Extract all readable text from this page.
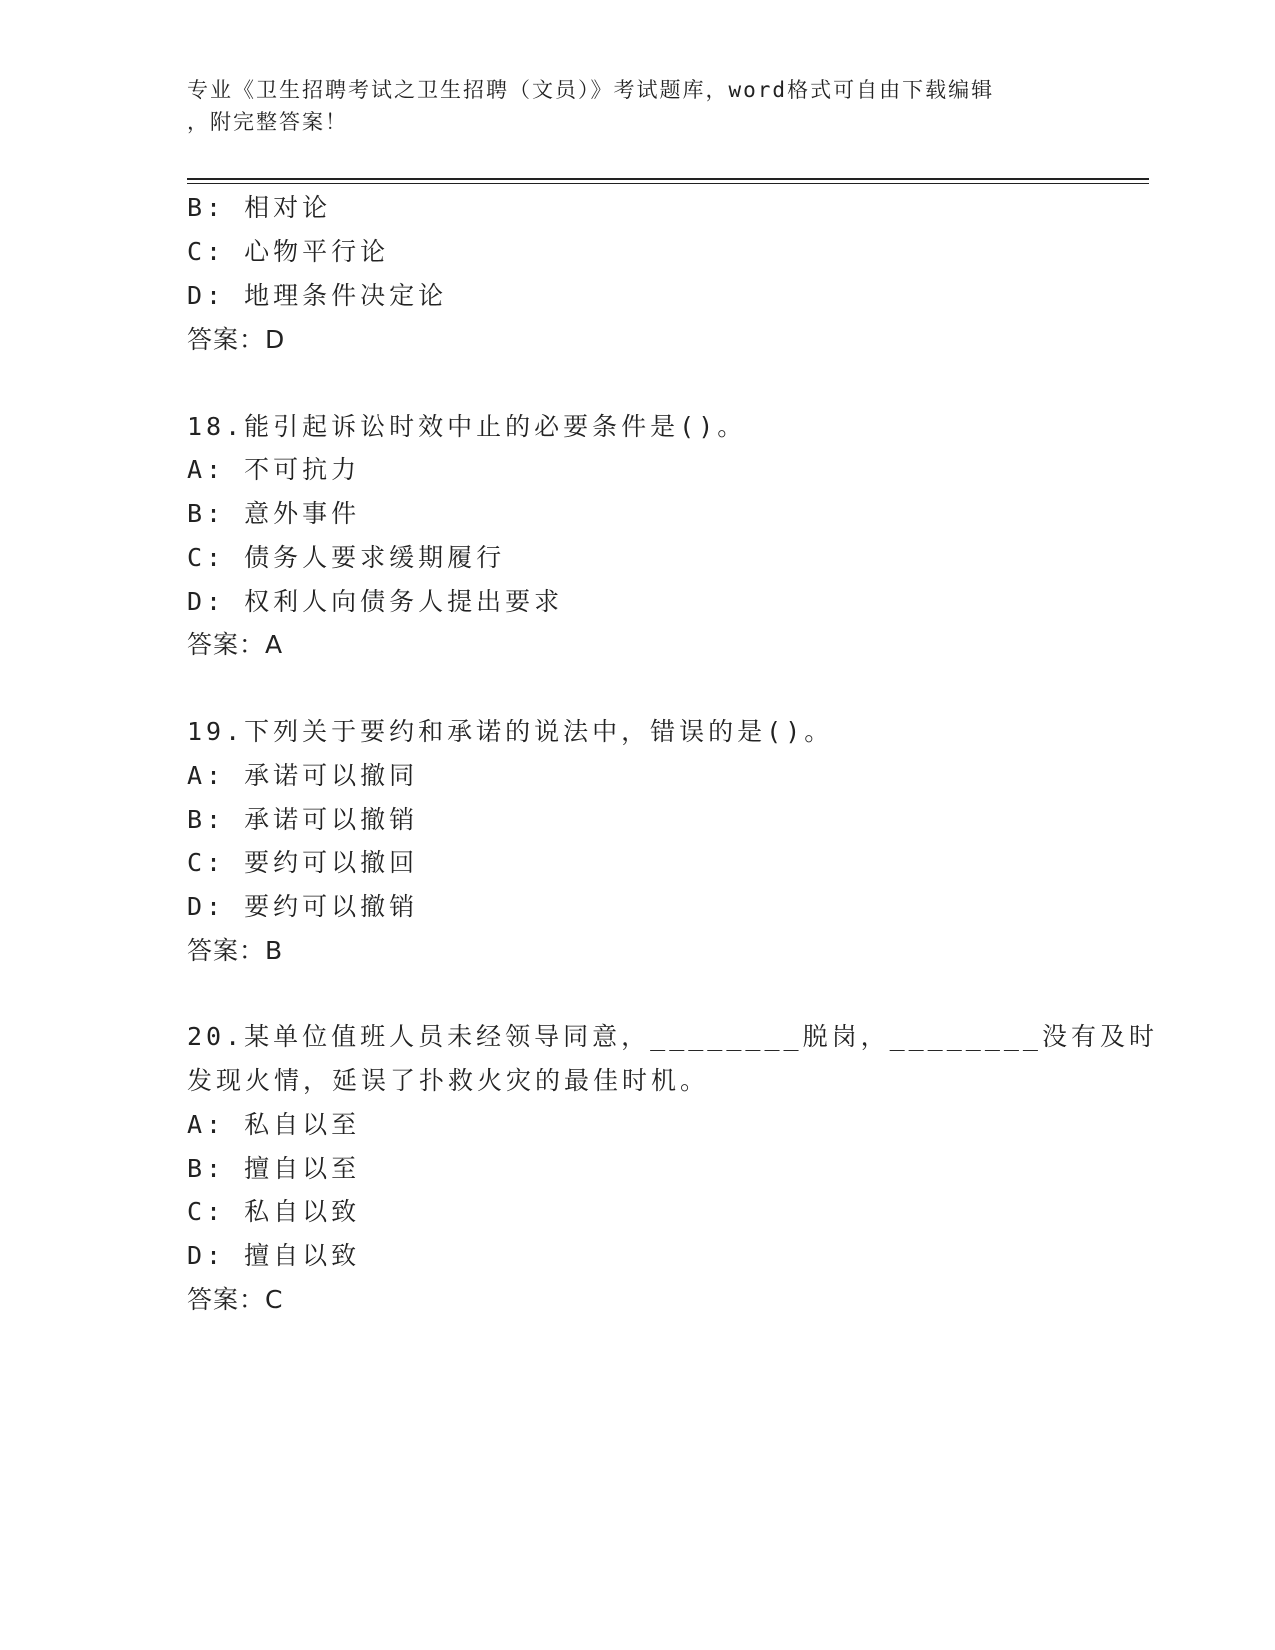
专业《卫生招聘考试之卫生招聘（文员）》考试题库，word格式可自由下载编辑
，附完整答案！
B: 相对论
C: 心物平行论
D: 地理条件决定论
答案：D
18.能引起诉讼时效中止的必要条件是()。
A: 不可抗力
B: 意外事件
C: 债务人要求缓期履行
D: 权利人向债务人提出要求
答案：A
19.下列关于要约和承诺的说法中，错误的是()。
A: 承诺可以撤同
B: 承诺可以撤销
C: 要约可以撤回
D: 要约可以撤销
答案：B
20.某单位值班人员未经领导同意，________脱岗，________没有及时
发现火情，延误了扑救火灾的最佳时机。
A: 私自以至
B: 擅自以至
C: 私自以致
D: 擅自以致
答案：C
